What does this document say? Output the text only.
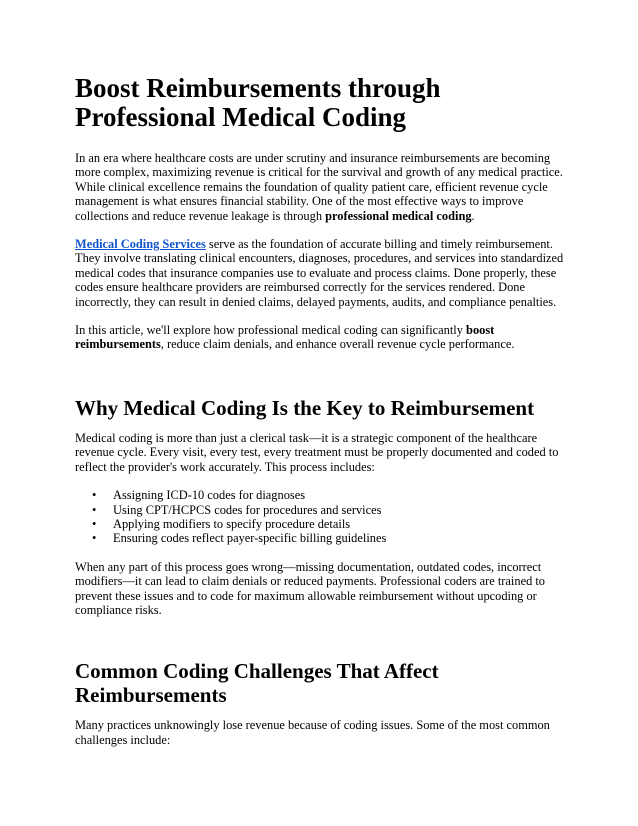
Boost Reimbursements through Professional Medical Coding

In an era where healthcare costs are under scrutiny and insurance reimbursements are becoming more complex, maximizing revenue is critical for the survival and growth of any medical practice. While clinical excellence remains the foundation of quality patient care, efficient revenue cycle management is what ensures financial stability. One of the most effective ways to improve collections and reduce revenue leakage is through professional medical coding.

Medical Coding Services serve as the foundation of accurate billing and timely reimbursement. They involve translating clinical encounters, diagnoses, procedures, and services into standardized medical codes that insurance companies use to evaluate and process claims. Done properly, these codes ensure healthcare providers are reimbursed correctly for the services rendered. Done incorrectly, they can result in denied claims, delayed payments, audits, and compliance penalties.

In this article, we'll explore how professional medical coding can significantly boost reimbursements, reduce claim denials, and enhance overall revenue cycle performance.

Why Medical Coding Is the Key to Reimbursement

Medical coding is more than just a clerical task—it is a strategic component of the healthcare revenue cycle. Every visit, every test, every treatment must be properly documented and coded to reflect the provider's work accurately. This process includes:

• Assigning ICD-10 codes for diagnoses
• Using CPT/HCPCS codes for procedures and services
• Applying modifiers to specify procedure details
• Ensuring codes reflect payer-specific billing guidelines

When any part of this process goes wrong—missing documentation, outdated codes, incorrect modifiers—it can lead to claim denials or reduced payments. Professional coders are trained to prevent these issues and to code for maximum allowable reimbursement without upcoding or compliance risks.

Common Coding Challenges That Affect Reimbursements

Many practices unknowingly lose revenue because of coding issues. Some of the most common challenges include:
